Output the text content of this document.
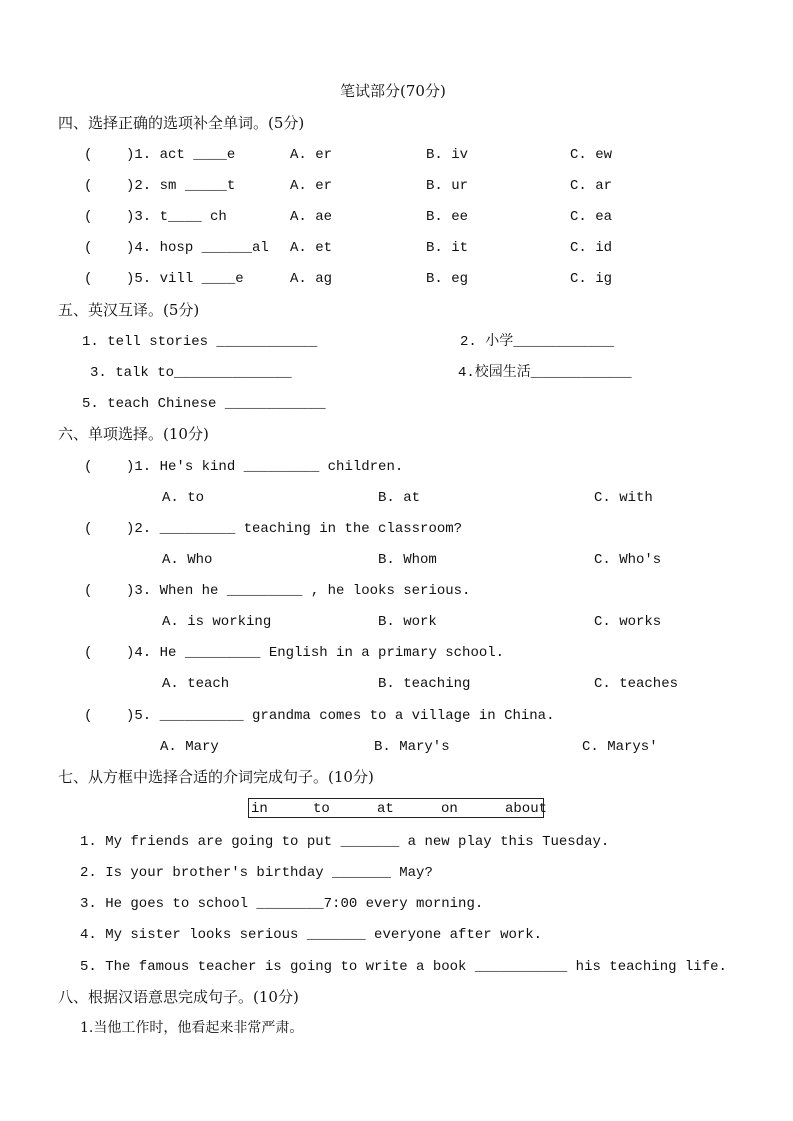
笔试部分(70分)
四、选择正确的选项补全单词。(5分)
(    )1. act ____e	A. er	B. iv	C. ew
(    )2. sm _____t	A. er	B. ur	C. ar
(    )3. t____ ch	A. ae	B. ee	C. ea
(    )4. hosp ______al A. et	B. it	C. id
(    )5. vill ____e	A. ag	B. eg	C. ig
五、英汉互译。(5分)
1. tell stories ____________	2. 小学____________
3. talk to______________	4.校园生活____________
5. teach Chinese ____________
六、单项选择。(10分)
(    )1. He's kind _________ children.
A. to	B. at	C. with
(    )2. _________ teaching in the classroom?
A. Who	B. Whom	C. Who's
(    )3. When he _________ , he looks serious.
A. is working	B. work	C. works
(    )4. He _________ English in a primary school.
A. teach	B. teaching	C. teaches
(    )5. __________ grandma comes to a village in China.
A. Mary	B. Mary's	C. Marys'
七、从方框中选择合适的介词完成句子。(10分)
in	to	at	on	about
1. My friends are going to put _______ a new play this Tuesday.
2. Is your brother's birthday _______ May?
3. He goes to school ________7:00 every morning.
4. My sister looks serious _______ everyone after work.
5. The famous teacher is going to write a book ___________ his teaching life.
八、根据汉语意思完成句子。(10分)
1.当他工作时，他看起来非常严肃。
